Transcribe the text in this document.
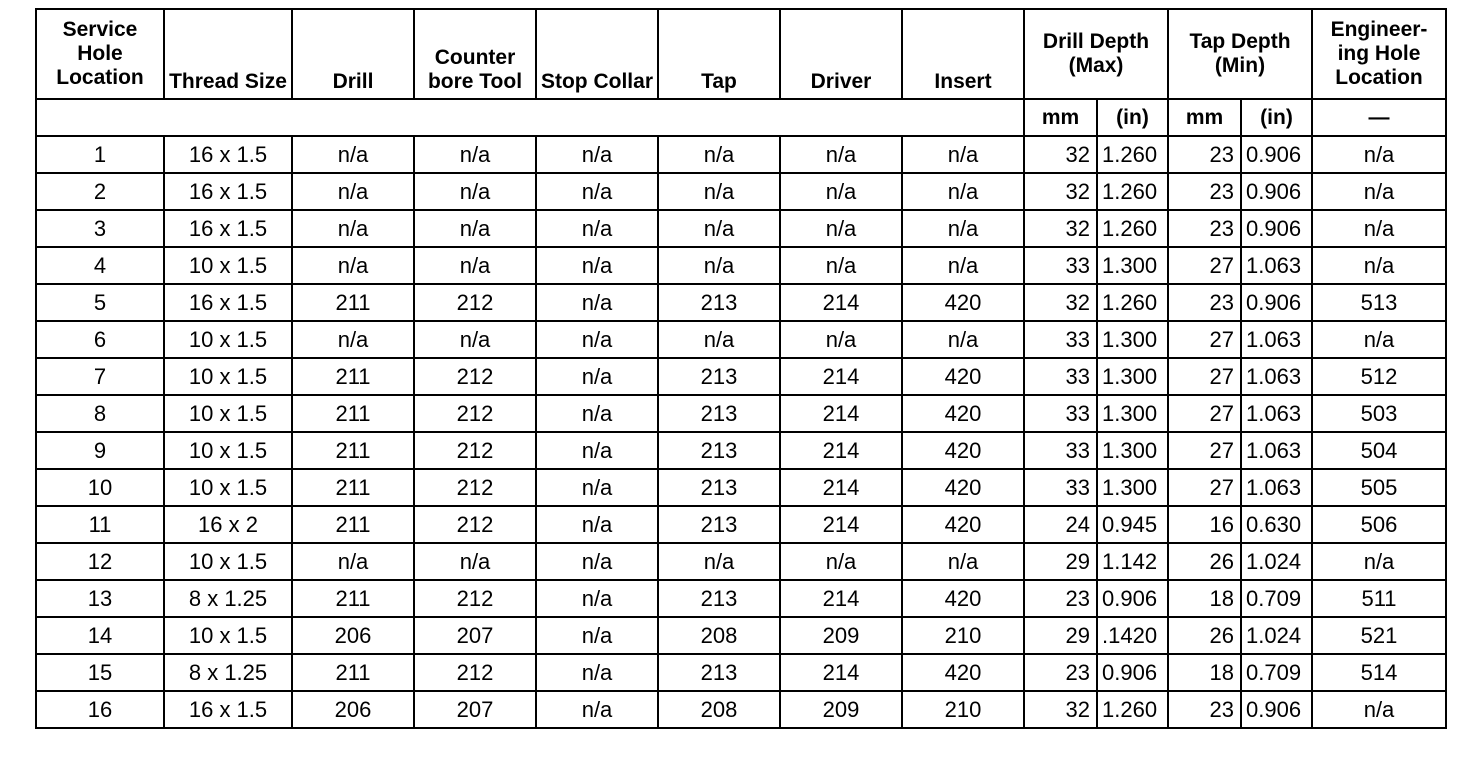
Service Hole Location	Thread Size	Drill	Counter bore Tool	Stop Collar	Tap	Driver	Insert	Drill Depth (Max)		Tap Depth (Min)		Engineer- ing Hole Location
								mm	(in)	mm	(in)	—
1	16 x 1.5	n/a	n/a	n/a	n/a	n/a	n/a	32	1.260	23	0.906	n/a
2	16 x 1.5	n/a	n/a	n/a	n/a	n/a	n/a	32	1.260	23	0.906	n/a
3	16 x 1.5	n/a	n/a	n/a	n/a	n/a	n/a	32	1.260	23	0.906	n/a
4	10 x 1.5	n/a	n/a	n/a	n/a	n/a	n/a	33	1.300	27	1.063	n/a
5	16 x 1.5	211	212	n/a	213	214	420	32	1.260	23	0.906	513
6	10 x 1.5	n/a	n/a	n/a	n/a	n/a	n/a	33	1.300	27	1.063	n/a
7	10 x 1.5	211	212	n/a	213	214	420	33	1.300	27	1.063	512
8	10 x 1.5	211	212	n/a	213	214	420	33	1.300	27	1.063	503
9	10 x 1.5	211	212	n/a	213	214	420	33	1.300	27	1.063	504
10	10 x 1.5	211	212	n/a	213	214	420	33	1.300	27	1.063	505
11	16 x 2	211	212	n/a	213	214	420	24	0.945	16	0.630	506
12	10 x 1.5	n/a	n/a	n/a	n/a	n/a	n/a	29	1.142	26	1.024	n/a
13	8 x 1.25	211	212	n/a	213	214	420	23	0.906	18	0.709	511
14	10 x 1.5	206	207	n/a	208	209	210	29	.1420	26	1.024	521
15	8 x 1.25	211	212	n/a	213	214	420	23	0.906	18	0.709	514
16	16 x 1.5	206	207	n/a	208	209	210	32	1.260	23	0.906	n/a
